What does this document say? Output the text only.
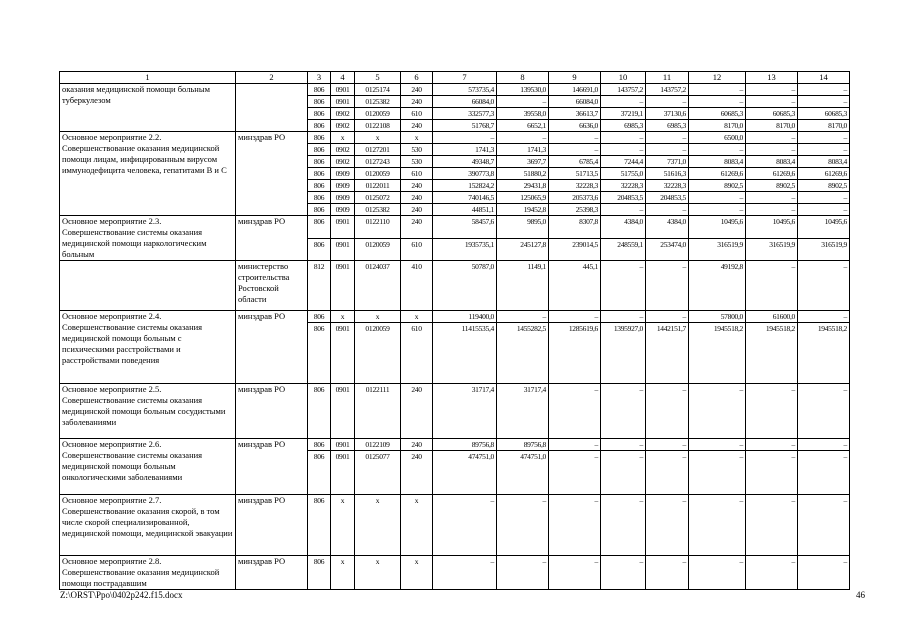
1	2	3	4	5	6	7	8	9	10	11	12	13	14
оказания медицинской помощи больным туберкулезом		806	0901	0125174	240	573735,4	139530,0	146691,0	143757,2	143757,2	–	–	–
		806	0901	0125382	240	66084,0	–	66084,0	–	–	–	–	–
		806	0902	0120059	610	332577,3	39558,0	36613,7	37219,1	37130,6	60685,3	60685,3	60685,3
		806	0902	0122108	240	51768,7	6652,1	6636,0	6985,3	6985,3	8170,0	8170,0	8170,0
Основное мероприятие 2.2. Совершенствование оказания медицинской помощи лицам, инфицированным вирусом иммунодефицита человека, гепатитами В и С	минздрав РО	806	х	х	х	–	–	–	–	–	6500,0	–	–
		806	0902	0127201	530	1741,3	1741,3	–	–	–	–	–	–
		806	0902	0127243	530	49348,7	3697,7	6785,4	7244,4	7371,0	8083,4	8083,4	8083,4
		806	0909	0120059	610	390773,8	51880,2	51713,5	51755,0	51616,3	61269,6	61269,6	61269,6
		806	0909	0122011	240	152824,2	29431,8	32228,3	32228,3	32228,3	8902,5	8902,5	8902,5
		806	0909	0125072	240	740146,5	125065,9	205373,6	204853,5	204853,5	–	–	–
		806	0909	0125382	240	44851,1	19452,8	25398,3	–	–	–	–	–
Основное мероприятие 2.3. Совершенствование системы оказания медицинской помощи наркологическим больным	минздрав РО	806	0901	0122110	240	58457,6	9895,0	8307,8	4384,0	4384,0	10495,6	10495,6	10495,6
		806	0901	0120059	610	1935735,1	245127,8	239014,5	248559,1	253474,0	316519,9	316519,9	316519,9
	министерство строительства Ростовской области	812	0901	0124037	410	50787,0	1149,1	445,1	–	–	49192,8	–	–
Основное мероприятие 2.4. Совершенствование системы оказания медицинской помощи больным с психическими расстройствами и расстройствами поведения	минздрав РО	806	х	х	х	119400,0	–	–	–	–	57800,0	61600,0	–
		806	0901	0120059	610	11415535,4	1455282,5	1285619,6	1395927,0	1442151,7	1945518,2	1945518,2	1945518,2
Основное мероприятие 2.5. Совершенствование системы оказания медицинской помощи больным сосудистыми заболеваниями	минздрав РО	806	0901	0122111	240	31717,4	31717,4	–	–	–	–	–	–
Основное мероприятие 2.6. Совершенствование системы оказания медицинской помощи больным онкологическими заболеваниями	минздрав РО	806	0901	0122109	240	89756,8	89756,8	–	–	–	–	–	–
		806	0901	0125077	240	474751,0	474751,0	–	–	–	–	–	–
Основное мероприятие 2.7. Совершенствование оказания скорой, в том числе скорой специализированной, медицинской помощи, медицинской эвакуации	минздрав РО	806	х	х	х	–	–	–	–	–	–	–	–
Основное мероприятие 2.8. Совершенствование оказания медицинской помощи пострадавшим	минздрав РО	806	х	х	х	–	–	–	–	–	–	–	–
Z:\ORST\Ppo\0402p242.f15.docx	46
